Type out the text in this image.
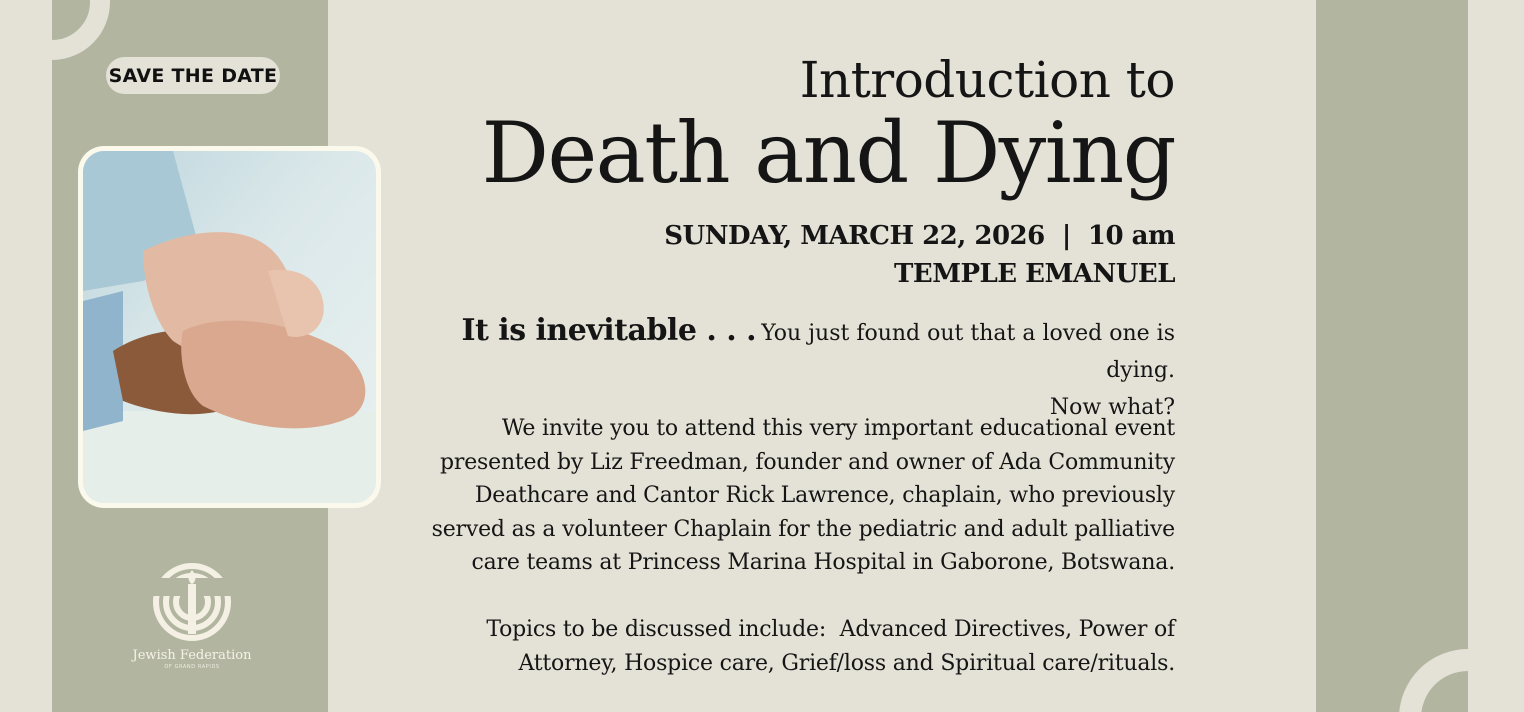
SAVE THE DATE
Jewish Federation
OF GRAND RAPIDS
Introduction to
Death and Dying
SUNDAY, MARCH 22, 2026  |  10 am
TEMPLE EMANUEL
It is inevitable . . . You just found out that a loved one is dying.
Now what?
We invite you to attend this very important educational event
presented by Liz Freedman, founder and owner of Ada Community
Deathcare and Cantor Rick Lawrence, chaplain, who previously
served as a volunteer Chaplain for the pediatric and adult palliative
care teams at Princess Marina Hospital in Gaborone, Botswana.
Topics to be discussed include:  Advanced Directives, Power of
Attorney, Hospice care, Grief/loss and Spiritual care/rituals.
